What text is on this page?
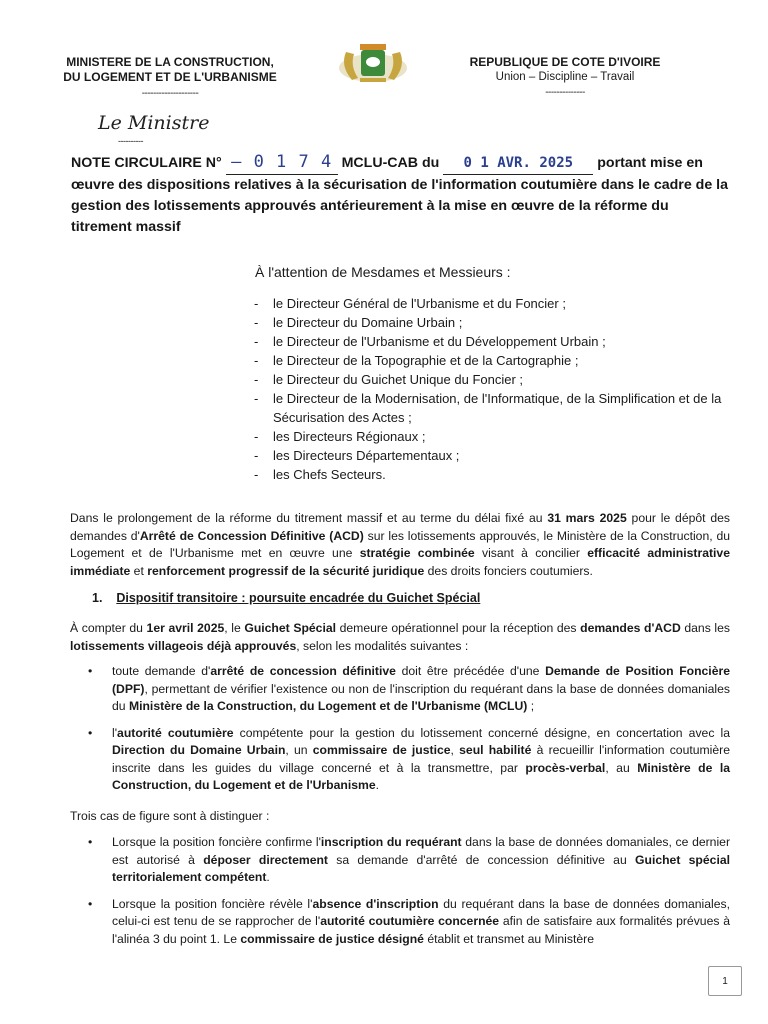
MINISTERE DE LA CONSTRUCTION,
DU LOGEMENT ET DE L'URBANISME
--------------------
REPUBLIQUE DE COTE D'IVOIRE
Union – Discipline – Travail
--------------
Le Ministre
----------
NOTE CIRCULAIRE N° – 0 1 7 4 MCLU-CAB du 0 1 AVR. 2025 portant mise en œuvre des dispositions relatives à la sécurisation de l'information coutumière dans le cadre de la gestion des lotissements approuvés antérieurement à la mise en œuvre de la réforme du titrement massif
À l'attention de Mesdames et Messieurs :
- le Directeur Général de l'Urbanisme et du Foncier ;
- le Directeur du Domaine Urbain ;
- le Directeur de l'Urbanisme et du Développement Urbain ;
- le Directeur de la Topographie et de la Cartographie ;
- le Directeur du Guichet Unique du Foncier ;
- le Directeur de la Modernisation, de l'Informatique, de la Simplification et de la Sécurisation des Actes ;
- les Directeurs Régionaux ;
- les Directeurs Départementaux ;
- les Chefs Secteurs.
Dans le prolongement de la réforme du titrement massif et au terme du délai fixé au 31 mars 2025 pour le dépôt des demandes d'Arrêté de Concession Définitive (ACD) sur les lotissements approuvés, le Ministère de la Construction, du Logement et de l'Urbanisme met en œuvre une stratégie combinée visant à concilier efficacité administrative immédiate et renforcement progressif de la sécurité juridique des droits fonciers coutumiers.
1. Dispositif transitoire : poursuite encadrée du Guichet Spécial
À compter du 1er avril 2025, le Guichet Spécial demeure opérationnel pour la réception des demandes d'ACD dans les lotissements villageois déjà approuvés, selon les modalités suivantes :
• toute demande d'arrêté de concession définitive doit être précédée d'une Demande de Position Foncière (DPF), permettant de vérifier l'existence ou non de l'inscription du requérant dans la base de données domaniales du Ministère de la Construction, du Logement et de l'Urbanisme (MCLU) ;
• l'autorité coutumière compétente pour la gestion du lotissement concerné désigne, en concertation avec la Direction du Domaine Urbain, un commissaire de justice, seul habilité à recueillir l'information coutumière inscrite dans les guides du village concerné et à la transmettre, par procès-verbal, au Ministère de la Construction, du Logement et de l'Urbanisme.
Trois cas de figure sont à distinguer :
• Lorsque la position foncière confirme l'inscription du requérant dans la base de données domaniales, ce dernier est autorisé à déposer directement sa demande d'arrêté de concession définitive au Guichet spécial territorialement compétent.
• Lorsque la position foncière révèle l'absence d'inscription du requérant dans la base de données domaniales, celui-ci est tenu de se rapprocher de l'autorité coutumière concernée afin de satisfaire aux formalités prévues à l'alinéa 3 du point 1. Le commissaire de justice désigné établit et transmet au Ministère
1
